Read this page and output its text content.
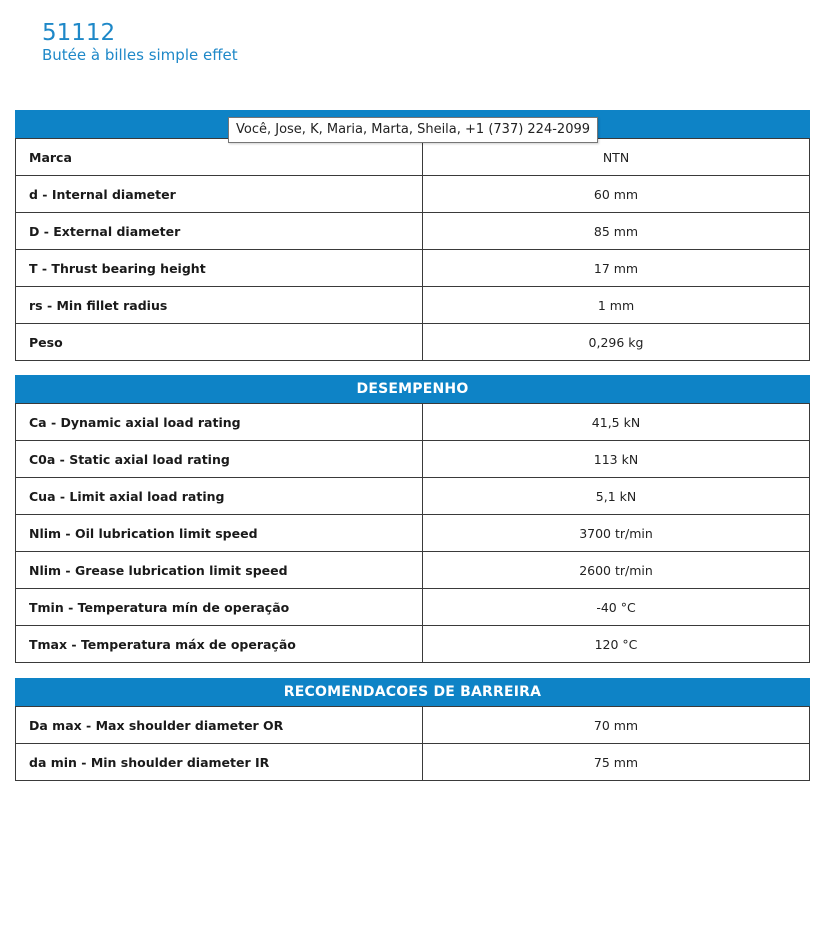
51112
Butée à billes simple effet
Marca	NTN
d - Internal diameter	60 mm
D - External diameter	85 mm
T - Thrust bearing height	17 mm
rs - Min fillet radius	1 mm
Peso	0,296 kg
DESEMPENHO
Ca - Dynamic axial load rating	41,5 kN
C0a - Static axial load rating	113 kN
Cua - Limit axial load rating	5,1 kN
Nlim - Oil lubrication limit speed	3700 tr/min
Nlim - Grease lubrication limit speed	2600 tr/min
Tmin - Temperatura mín de operação	-40 °C
Tmax - Temperatura máx de operação	120 °C
RECOMENDACOES DE BARREIRA
Da max - Max shoulder diameter OR	70 mm
da min - Min shoulder diameter IR	75 mm
Você, Jose, K, Maria, Marta, Sheila, +1 (737) 224-2099
